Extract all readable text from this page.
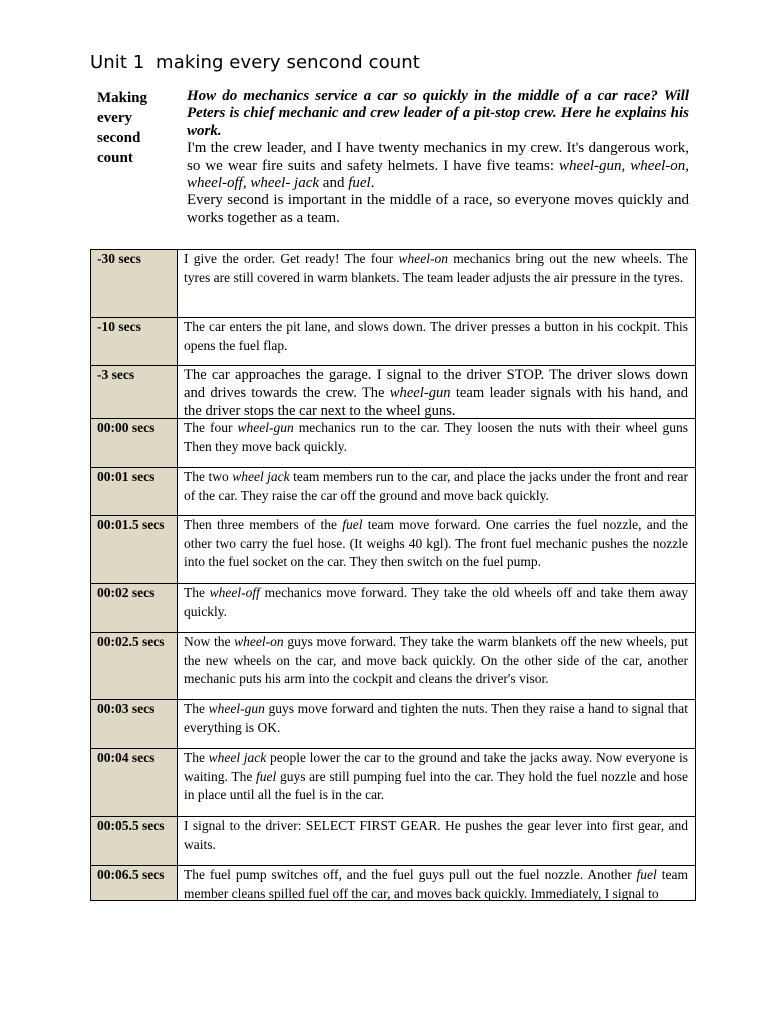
Unit 1  making every sencond count
Making
every
second
count

How do mechanics service a car so quickly in the middle of a car race? Will Peters is chief mechanic and crew leader of a pit-stop crew. Here he explains his work.

I'm the crew leader, and I have twenty mechanics in my crew. It's dangerous work, so we wear fire suits and safety helmets. I have five teams: wheel-gun, wheel-on, wheel-off, wheel- jack and fuel.

Every second is important in the middle of a race, so everyone moves quickly and works together as a team.

-30 secs	I give the order. Get ready! The four wheel-on mechanics bring out the new wheels. The tyres are still covered in warm blankets. The team leader adjusts the air pressure in the tyres.

-10 secs	The car enters the pit lane, and slows down. The driver presses a button in his cockpit. This opens the fuel flap.

-3 secs	The car approaches the garage. I signal to the driver STOP. The driver slows down and drives towards the crew. The wheel-gun team leader signals with his hand, and the driver stops the car next to the wheel guns.

00:00 secs	The four wheel-gun mechanics run to the car. They loosen the nuts with their wheel guns Then they move back quickly.

00:01 secs	The two wheel jack team members run to the car, and place the jacks under the front and rear of the car. They raise the car off the ground and move back quickly.

00:01.5 secs	Then three members of the fuel team move forward. One carries the fuel nozzle, and the other two carry the fuel hose. (It weighs 40 kgl). The front fuel mechanic pushes the nozzle into the fuel socket on the car. They then switch on the fuel pump.

00:02 secs	The wheel-off mechanics move forward. They take the old wheels off and take them away quickly.

00:02.5 secs	Now the wheel-on guys move forward. They take the warm blankets off the new wheels, put the new wheels on the car, and move back quickly. On the other side of the car, another mechanic puts his arm into the cockpit and cleans the driver's visor.

00:03 secs	The wheel-gun guys move forward and tighten the nuts. Then they raise a hand to signal that everything is OK.

00:04 secs	The wheel jack people lower the car to the ground and take the jacks away. Now everyone is waiting. The fuel guys are still pumping fuel into the car. They hold the fuel nozzle and hose in place until all the fuel is in the car.

00:05.5 secs	I signal to the driver: SELECT FIRST GEAR. He pushes the gear lever into first gear, and waits.

00:06.5 secs	The fuel pump switches off, and the fuel guys pull out the fuel nozzle. Another fuel team member cleans spilled fuel off the car, and moves back quickly. Immediately, I signal to
